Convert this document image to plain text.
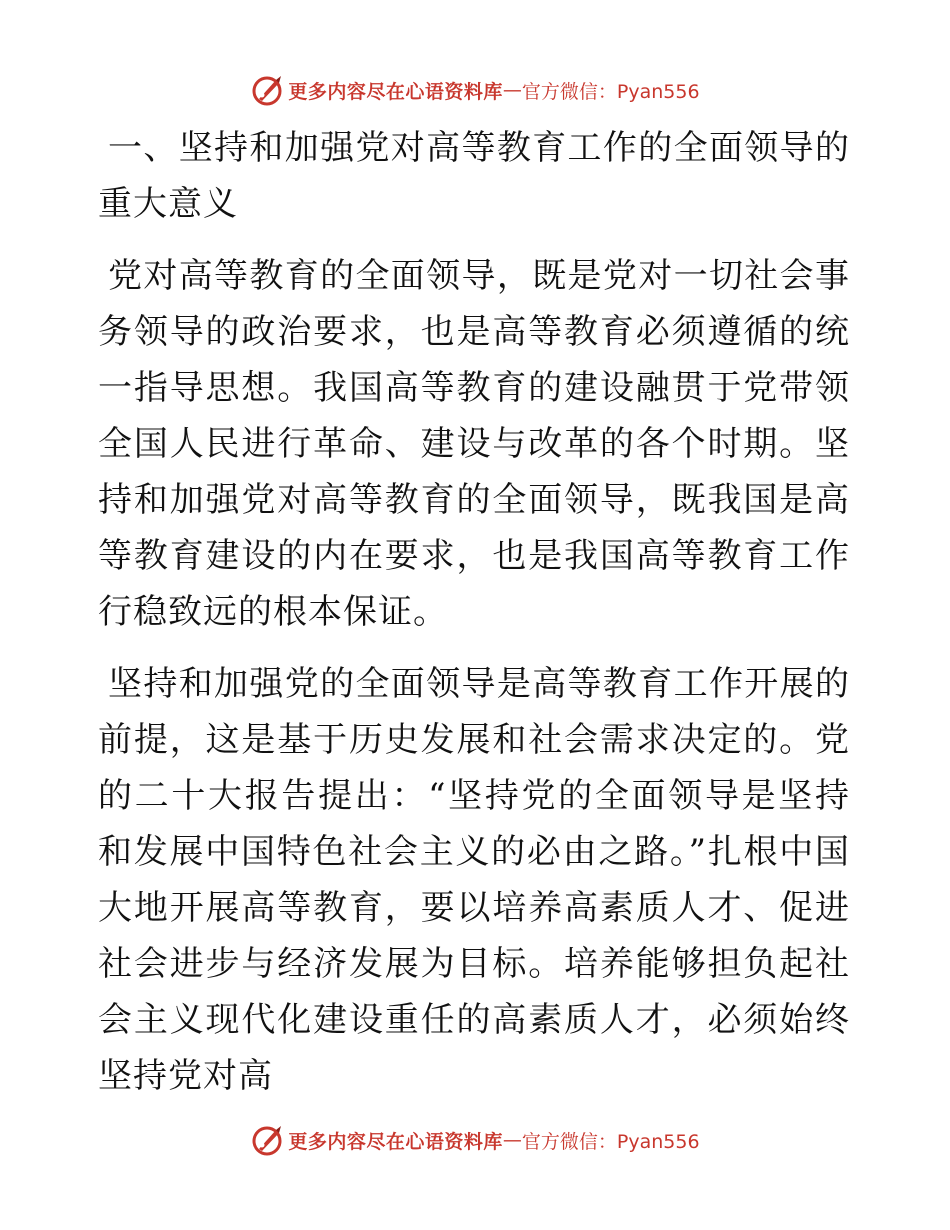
更多内容尽在心语资料库 — 官方微信：Pyan556

一、坚持和加强党对高等教育工作的全面领导的重大意义

党对高等教育的全面领导，既是党对一切社会事务领导的政治要求，也是高等教育必须遵循的统一指导思想。我国高等教育的建设融贯于党带领全国人民进行革命、建设与改革的各个时期。坚持和加强党对高等教育的全面领导，既我国是高等教育建设的内在要求，也是我国高等教育工作行稳致远的根本保证。

坚持和加强党的全面领导是高等教育工作开展的前提，这是基于历史发展和社会需求决定的。党的二十大报告提出：“坚持党的全面领导是坚持和发展中国特色社会主义的必由之路。”扎根中国大地开展高等教育，要以培养高素质人才、促进社会进步与经济发展为目标。培养能够担负起社会主义现代化建设重任的高素质人才，必须始终坚持党对高

更多内容尽在心语资料库 — 官方微信：Pyan556
